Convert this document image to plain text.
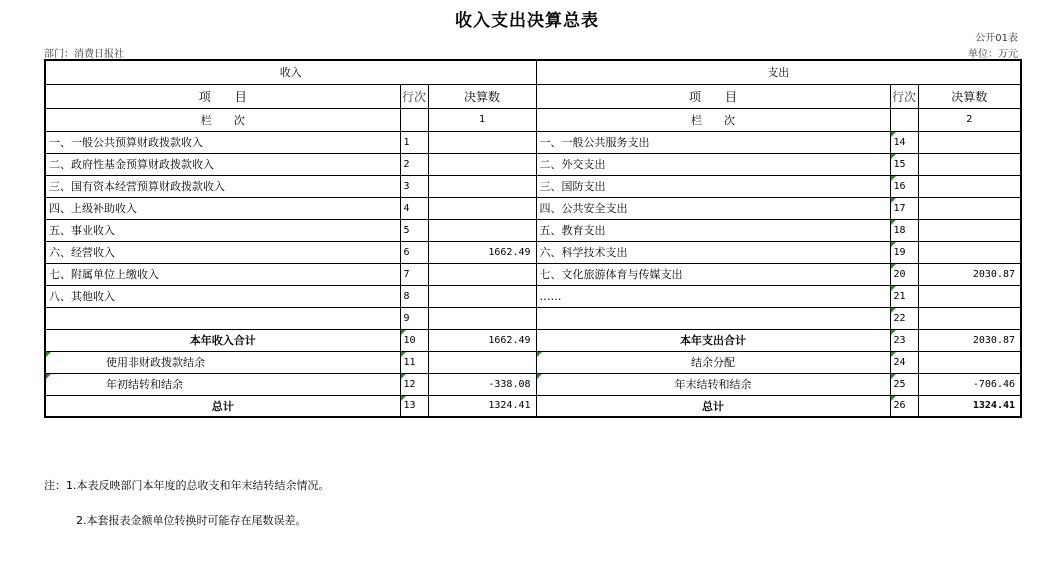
收入支出决算总表
公开01表
部门：消费日报社	单位：万元
收入			支出		
项　　目	行次	决算数	项　　目	行次	决算数
栏　　次		1	栏　　次		2
一、一般公共预算财政拨款收入	1		一、一般公共服务支出	14	
二、政府性基金预算财政拨款收入	2		二、外交支出	15	
三、国有资本经营预算财政拨款收入	3		三、国防支出	16	
四、上级补助收入	4		四、公共安全支出	17	
五、事业收入	5		五、教育支出	18	
六、经营收入	6	1662.49	六、科学技术支出	19	
七、附属单位上缴收入	7		七、文化旅游体育与传媒支出	20	2030.87
八、其他收入	8		……	21	
	9			22	
本年收入合计	10	1662.49	本年支出合计	23	2030.87
使用非财政拨款结余	11		结余分配	24	
年初结转和结余	12	-338.08	年末结转和结余	25	-706.46
总计	13	1324.41	总计	26	1324.41
注：1.本表反映部门本年度的总收支和年末结转结余情况。
2.本套报表金额单位转换时可能存在尾数误差。
